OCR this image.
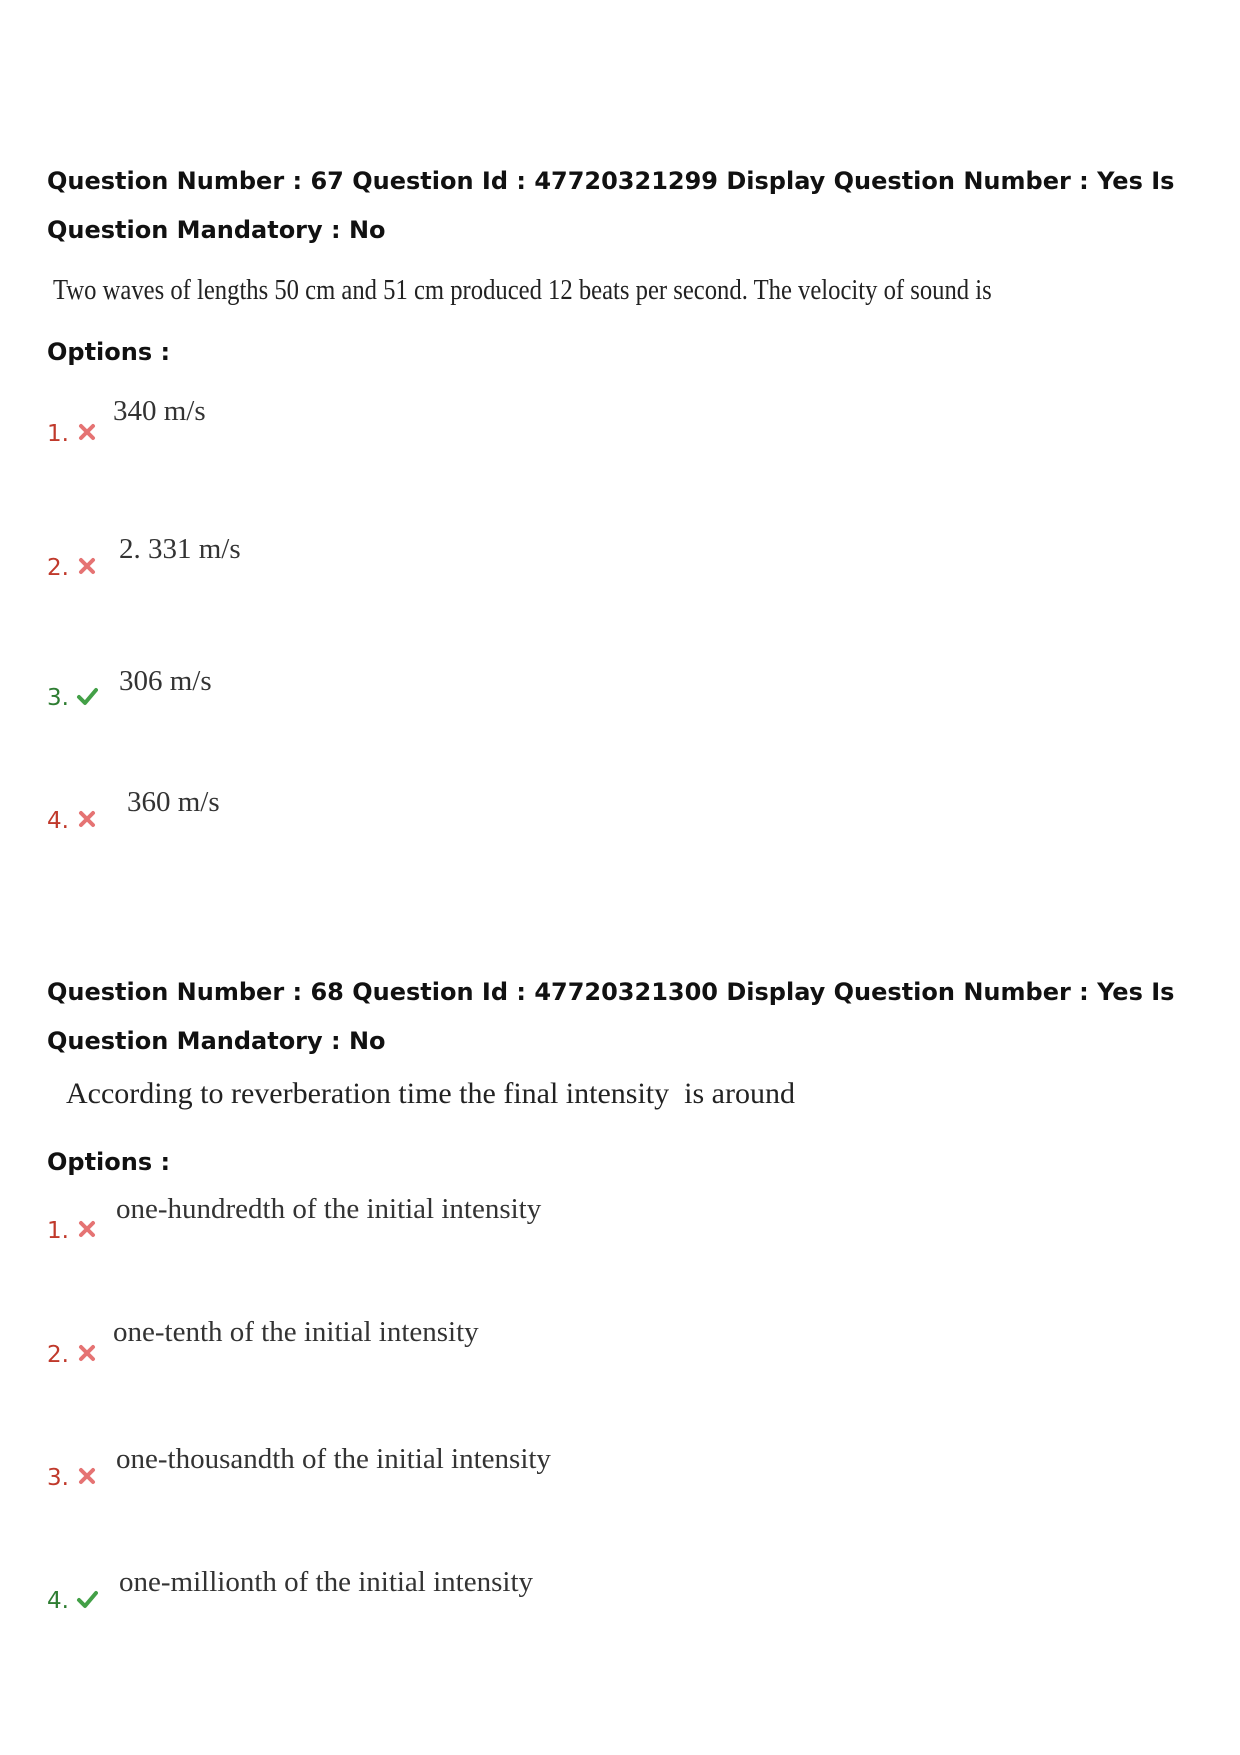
Question Number : 67 Question Id : 47720321299 Display Question Number : Yes Is Question Mandatory : No
Two waves of lengths 50 cm and 51 cm produced 12 beats per second. The velocity of sound is
Options :
1.
340 m/s
2.
2. 331 m/s
3.
306 m/s
4.
360 m/s
Question Number : 68 Question Id : 47720321300 Display Question Number : Yes Is Question Mandatory : No
According to reverberation time the final intensity  is around
Options :
1.
one-hundredth of the initial intensity
2.
one-tenth of the initial intensity
3.
one-thousandth of the initial intensity
4.
one-millionth of the initial intensity
